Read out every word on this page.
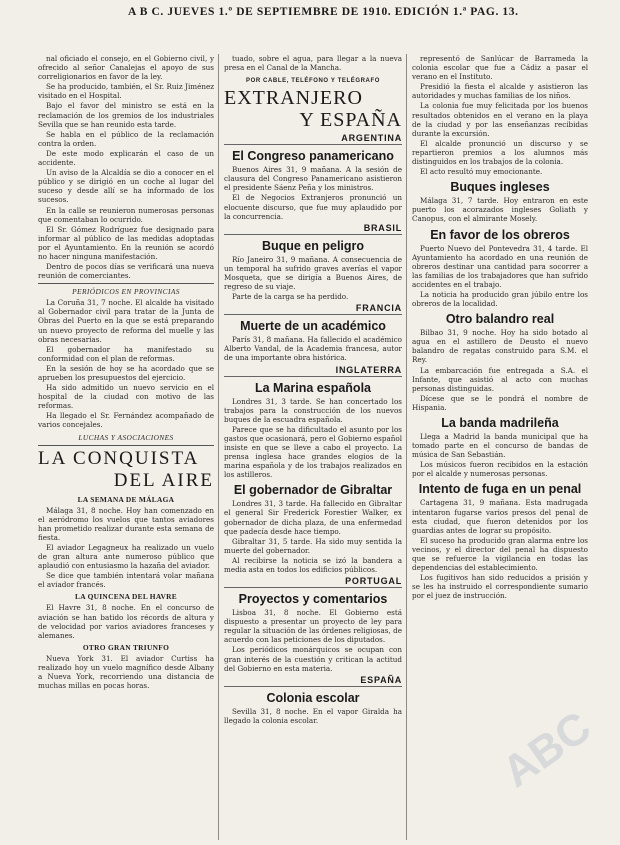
A B C. JUEVES 1.º DE SEPTIEMBRE DE 1910. EDICIÓN 1.ª PAG. 13.

nal oficiado el consejo, en el Gobierno civil, y ofrecido al señor Canalejas el apoyo de sus correligionarios en favor de la ley.

Se ha producido, también, el Sr. Ruiz Jiménez visitado en el Hospital.

Bajo el favor del ministro se está en la reclamación de los gremios de los industriales Sevilla que se han reunido esta tarde.

Se habla en el público de la reclamación contra la orden.

De este modo explicarán el caso de un accidente.

Un aviso de la Alcaldía se dio a conocer en el público y se dirigió en un coche al lugar del suceso y desde allí se ha informado de los sucesos.

En la calle se reunieron numerosas personas que comentaban lo ocurrido.

El Sr. Gómez Rodríguez fue designado para informar al público de las medidas adoptadas por el Ayuntamiento. En la reunión se acordó no hacer ninguna manifestación.

Dentro de pocos días se verificará una nueva reunión de comerciantes.

PERIÓDICOS EN PROVINCIAS

La Coruña 31, 7 noche. El alcalde ha visitado al Gobernador civil para tratar de la Junta de Obras del Puerto en la que se está preparando un nuevo proyecto de reforma del muelle y las obras necesarias.

El gobernador ha manifestado su conformidad con el plan de reformas.

En la sesión de hoy se ha acordado que se aprueben los presupuestos del ejercicio.

Ha sido admitido un nuevo servicio en el hospital de la ciudad con motivo de las reformas.

Ha llegado el Sr. Fernández acompañado de varios concejales.

LUCHAS Y ASOCIACIONES
LA CONQUISTA
DEL AIRE
LA SEMANA DE MÁLAGA

Málaga 31, 8 noche. Hoy han comenzado en el aeródromo los vuelos que tantos aviadores han prometido realizar durante esta semana de fiesta.

El aviador Legagneux ha realizado un vuelo de gran altura ante numeroso público que aplaudió con entusiasmo la hazaña del aviador.

Se dice que también intentará volar mañana el aviador francés.

LA QUINCENA DEL HAVRE

El Havre 31, 8 noche. En el concurso de aviación se han batido los récords de altura y de velocidad por varios aviadores franceses y alemanes.

OTRO GRAN TRIUNFO

Nueva York 31. El aviador Curtiss ha realizado hoy un vuelo magnífico desde Albany a Nueva York, recorriendo una distancia de muchas millas en pocas horas.

tuado, sobre el agua, para llegar a la nueva presa en el Canal de la Mancha.

POR CABLE, TELÉFONO Y TELÉGRAFO
EXTRANJERO
Y ESPAÑA
ARGENTINA
El Congreso panamericano

Buenos Aires 31, 9 mañana. A la sesión de clausura del Congreso Panamericano asistieron el presidente Sáenz Peña y los ministros.

El de Negocios Extranjeros pronunció un elocuente discurso, que fue muy aplaudido por la concurrencia.

BRASIL
Buque en peligro

Río Janeiro 31, 9 mañana. A consecuencia de un temporal ha sufrido graves averías el vapor Mosqueta, que se dirigía a Buenos Aires, de regreso de su viaje.

Parte de la carga se ha perdido.

FRANCIA
Muerte de un académico

París 31, 8 mañana. Ha fallecido el académico Alberto Vandal, de la Academia francesa, autor de una importante obra histórica.

INGLATERRA
La Marina española

Londres 31, 3 tarde. Se han concertado los trabajos para la construcción de los nuevos buques de la escuadra española.

Parece que se ha dificultado el asunto por los gastos que ocasionará, pero el Gobierno español insiste en que se lleve a cabo el proyecto. La prensa inglesa hace grandes elogios de la marina española y de los trabajos realizados en los astilleros.

El gobernador de Gibraltar

Londres 31, 3 tarde. Ha fallecido en Gibraltar el general Sir Frederick Forestier Walker, ex gobernador de dicha plaza, de una enfermedad que padecía desde hace tiempo.

Gibraltar 31, 5 tarde. Ha sido muy sentida la muerte del gobernador.

Al recibirse la noticia se izó la bandera a media asta en todos los edificios públicos.

PORTUGAL
Proyectos y comentarios

Lisboa 31, 8 noche. El Gobierno está dispuesto a presentar un proyecto de ley para regular la situación de las órdenes religiosas, de acuerdo con las peticiones de los diputados.

Los periódicos monárquicos se ocupan con gran interés de la cuestión y critican la actitud del Gobierno en esta materia.

ESPAÑA
Colonia escolar

Sevilla 31, 8 noche. En el vapor Giralda ha llegado la colonia escolar.

representó de Sanlúcar de Barrameda la colonia escolar que fue a Cádiz a pasar el verano en el Instituto.

Presidió la fiesta el alcalde y asistieron las autoridades y muchas familias de los niños.

La colonia fue muy felicitada por los buenos resultados obtenidos en el verano en la playa de la ciudad y por las enseñanzas recibidas durante la excursión.

El alcalde pronunció un discurso y se repartieron premios a los alumnos más distinguidos en los trabajos de la colonia.

El acto resultó muy emocionante.

Buques ingleses

Málaga 31, 7 tarde. Hoy entraron en este puerto los acorazados ingleses Goliath y Canopus, con el almirante Mosely.

En favor de los obreros

Puerto Nuevo del Pontevedra 31, 4 tarde. El Ayuntamiento ha acordado en una reunión de obreros destinar una cantidad para socorrer a las familias de los trabajadores que han sufrido accidentes en el trabajo.

La noticia ha producido gran júbilo entre los obreros de la localidad.

Otro balandro real

Bilbao 31, 9 noche. Hoy ha sido botado al agua en el astillero de Deusto el nuevo balandro de regatas construido para S.M. el Rey.

La embarcación fue entregada a S.A. el Infante, que asistió al acto con muchas personas distinguidas.

Dícese que se le pondrá el nombre de Hispania.

La banda madrileña

Llega a Madrid la banda municipal que ha tomado parte en el concurso de bandas de música de San Sebastián.

Los músicos fueron recibidos en la estación por el alcalde y numerosas personas.

Intento de fuga en un penal

Cartagena 31, 9 mañana. Esta madrugada intentaron fugarse varios presos del penal de esta ciudad, que fueron detenidos por los guardias antes de lograr su propósito.

El suceso ha producido gran alarma entre los vecinos, y el director del penal ha dispuesto que se refuerce la vigilancia en todas las dependencias del establecimiento.

Los fugitivos han sido reducidos a prisión y se les ha instruido el correspondiente sumario por el juez de instrucción.

ABC
